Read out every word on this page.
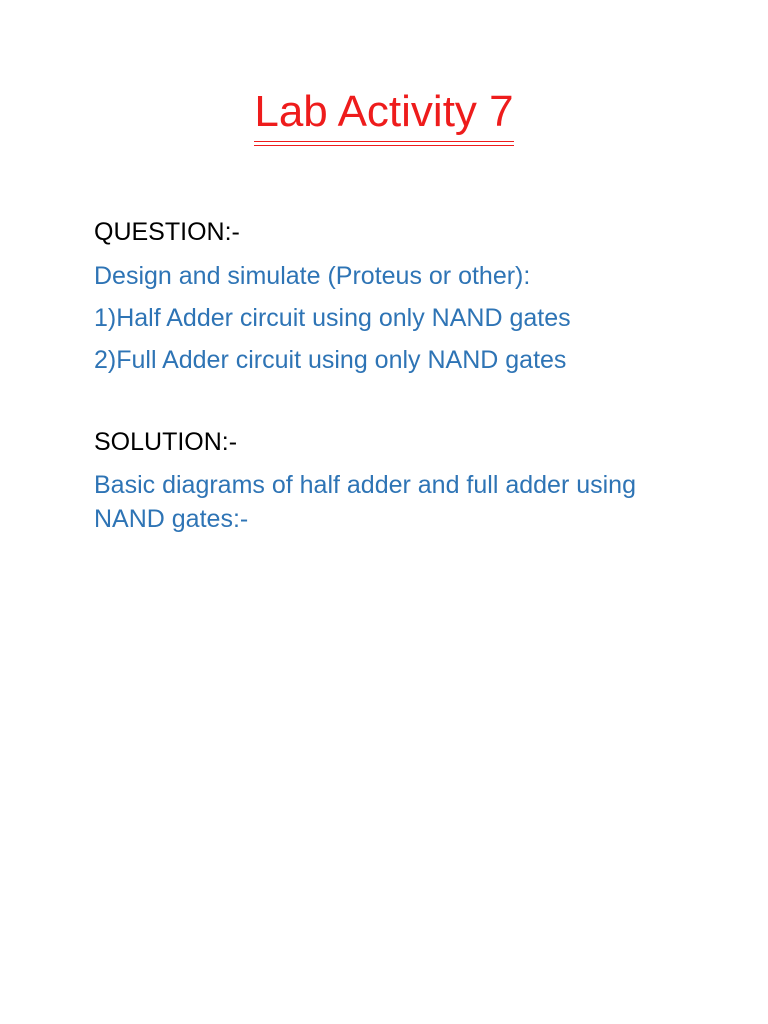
Lab Activity 7
QUESTION:-
Design and simulate (Proteus or other):
1)Half Adder circuit using only NAND gates
2)Full Adder circuit using only NAND gates
SOLUTION:-
Basic diagrams of half adder and full adder using NAND gates:-
